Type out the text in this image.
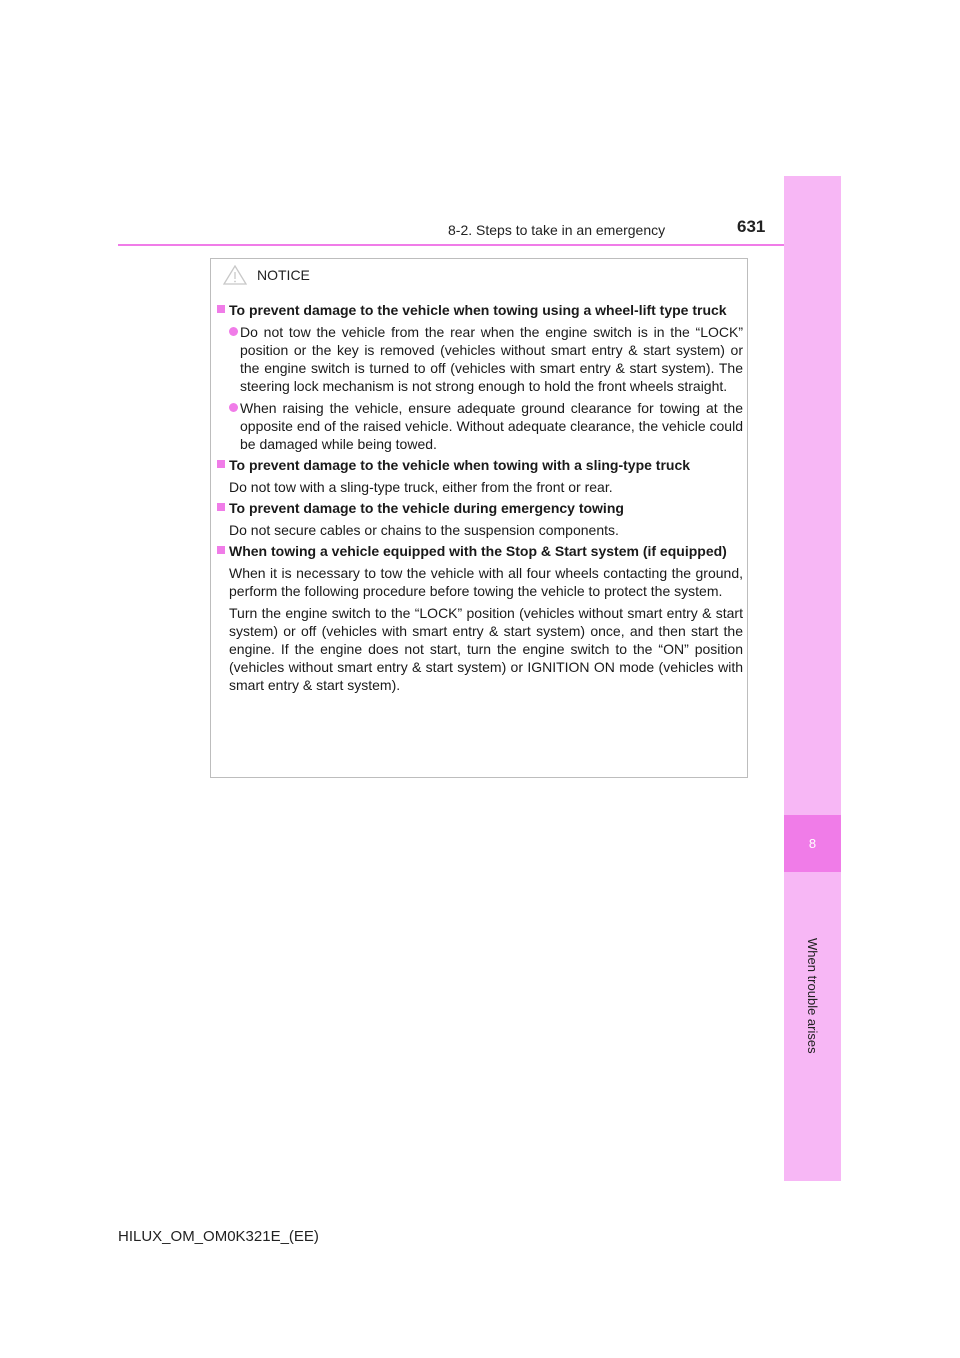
8
When trouble arises
8-2. Steps to take in an emergency	631
NOTICE
To prevent damage to the vehicle when towing using a wheel-lift type truck
Do not tow the vehicle from the rear when the engine switch is in the “LOCK” position or the key is removed (vehicles without smart entry & start system) or the engine switch is turned to off (vehicles with smart entry & start system). The steering lock mechanism is not strong enough to hold the front wheels straight.
When raising the vehicle, ensure adequate ground clearance for towing at the opposite end of the raised vehicle. Without adequate clearance, the vehicle could be damaged while being towed.
To prevent damage to the vehicle when towing with a sling-type truck
Do not tow with a sling-type truck, either from the front or rear.
To prevent damage to the vehicle during emergency towing
Do not secure cables or chains to the suspension components.
When towing a vehicle equipped with the Stop & Start system (if equipped)
When it is necessary to tow the vehicle with all four wheels contacting the ground, perform the following procedure before towing the vehicle to protect the system.
Turn the engine switch to the “LOCK” position (vehicles without smart entry & start system) or off (vehicles with smart entry & start system) once, and then start the engine. If the engine does not start, turn the engine switch to the “ON” position (vehicles without smart entry & start system) or IGNITION ON mode (vehicles with smart entry & start system).
HILUX_OM_OM0K321E_(EE)
